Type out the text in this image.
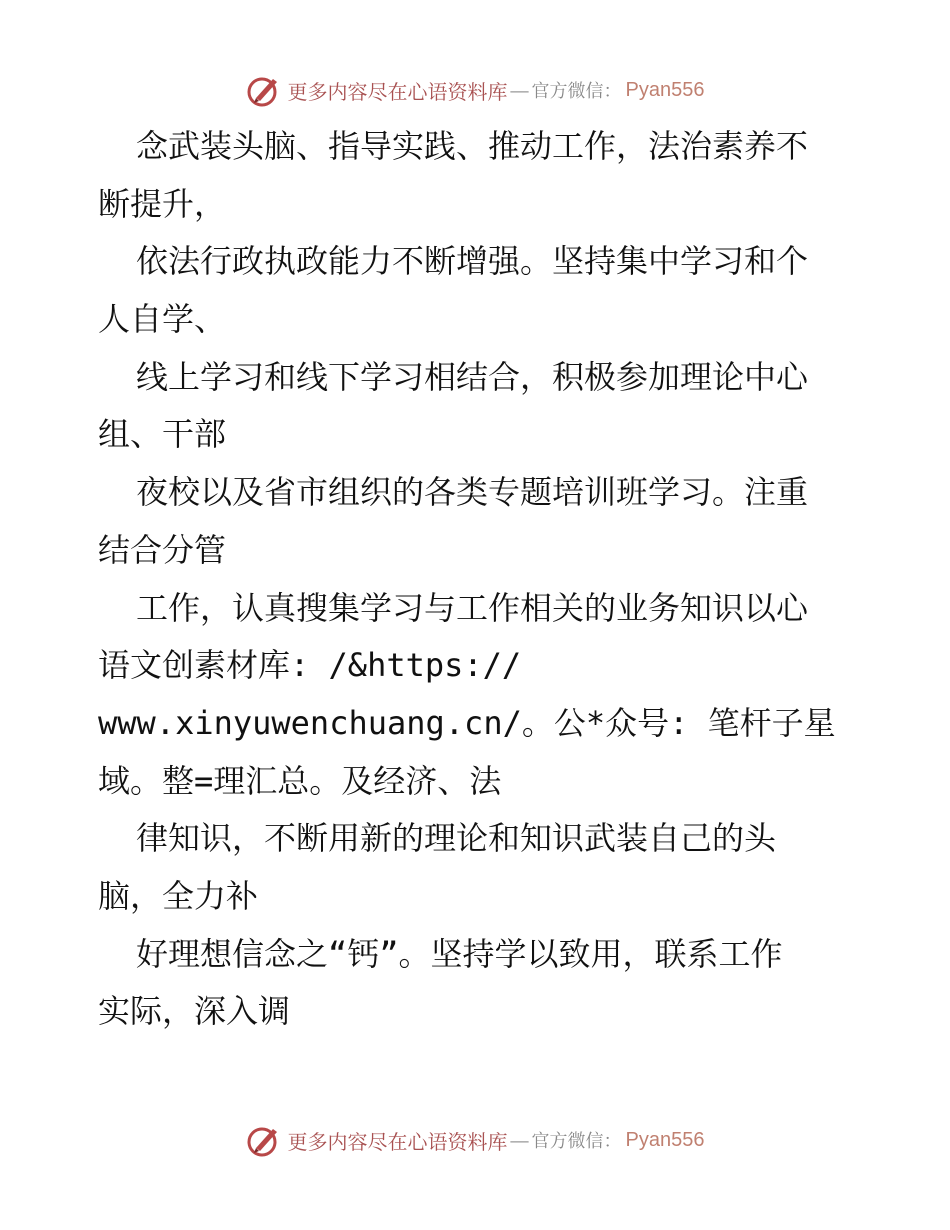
更多内容尽在心语资料库 — 官方微信： Pyan556
念武装头脑、指导实践、推动工作，法治素养不
断提升，
依法行政执政能力不断增强。坚持集中学习和个
人自学、
线上学习和线下学习相结合，积极参加理论中心
组、干部
夜校以及省市组织的各类专题培训班学习。注重
结合分管
工作，认真搜集学习与工作相关的业务知识以心
语文创素材库: /&https://
www.xinyuwenchuang.cn/。公*众号: 笔杆子星
域。整=理汇总。及经济、法
律知识，不断用新的理论和知识武装自己的头
脑，全力补
好理想信念之“钙”。坚持学以致用，联系工作
实际，深入调
更多内容尽在心语资料库 — 官方微信： Pyan556
